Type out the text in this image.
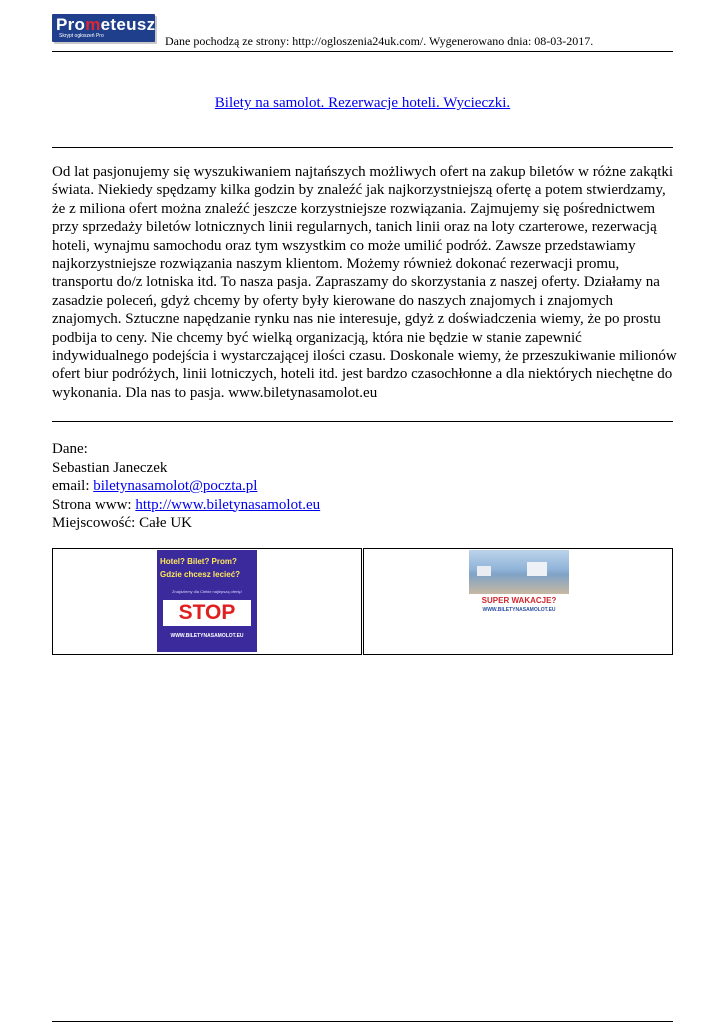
Prometeusz
Skrypt ogłoszeń Pro	Dane pochodzą ze strony: http://ogloszenia24uk.com/. Wygenerowano dnia: 08-03-2017.
Bilety na samolot. Rezerwacje hoteli. Wycieczki.
Od lat pasjonujemy się wyszukiwaniem najtańszych możliwych ofert na zakup biletów w różne zakątki
świata. Niekiedy spędzamy kilka godzin by znaleźć jak najkorzystniejszą ofertę a potem stwierdzamy,
że z miliona ofert można znaleźć jeszcze korzystniejsze rozwiązania. Zajmujemy się pośrednictwem
przy sprzedaży biletów lotnicznych linii regularnych, tanich linii oraz na loty czarterowe, rezerwacją
hoteli, wynajmu samochodu oraz tym wszystkim co może umilić podróż. Zawsze przedstawiamy
najkorzystniejsze rozwiązania naszym klientom. Możemy również dokonać rezerwacji promu,
transportu do/z lotniska itd. To nasza pasja. Zapraszamy do skorzystania z naszej oferty. Działamy na
zasadzie poleceń, gdyż chcemy by oferty były kierowane do naszych znajomych i znajomych
znajomych. Sztuczne napędzanie rynku nas nie interesuje, gdyż z doświadczenia wiemy, że po prostu
podbija to ceny. Nie chcemy być wielką organizacją, która nie będzie w stanie zapewnić
indywidualnego podejścia i wystarczającej ilości czasu. Doskonale wiemy, że przeszukiwanie milionów
ofert biur podróżych, linii lotniczych, hoteli itd. jest bardzo czasochłonne a dla niektórych niechętne do
wykonania. Dla nas to pasja. www.biletynasamolot.eu
Dane:
Sebastian Janeczek
email: biletynasamolot@poczta.pl
Strona www: http://www.biletynasamolot.eu
Miejscowość: Całe UK
Hotel? Bilet? Prom?
Gdzie chcesz lecieć?
Znajdziemy dla Ciebie najlepszą ofertę!
STOP
WWW.BILETYNASAMOLOT.EU
SUPER WAKACJE?
WWW.BILETYNASAMOLOT.EU
